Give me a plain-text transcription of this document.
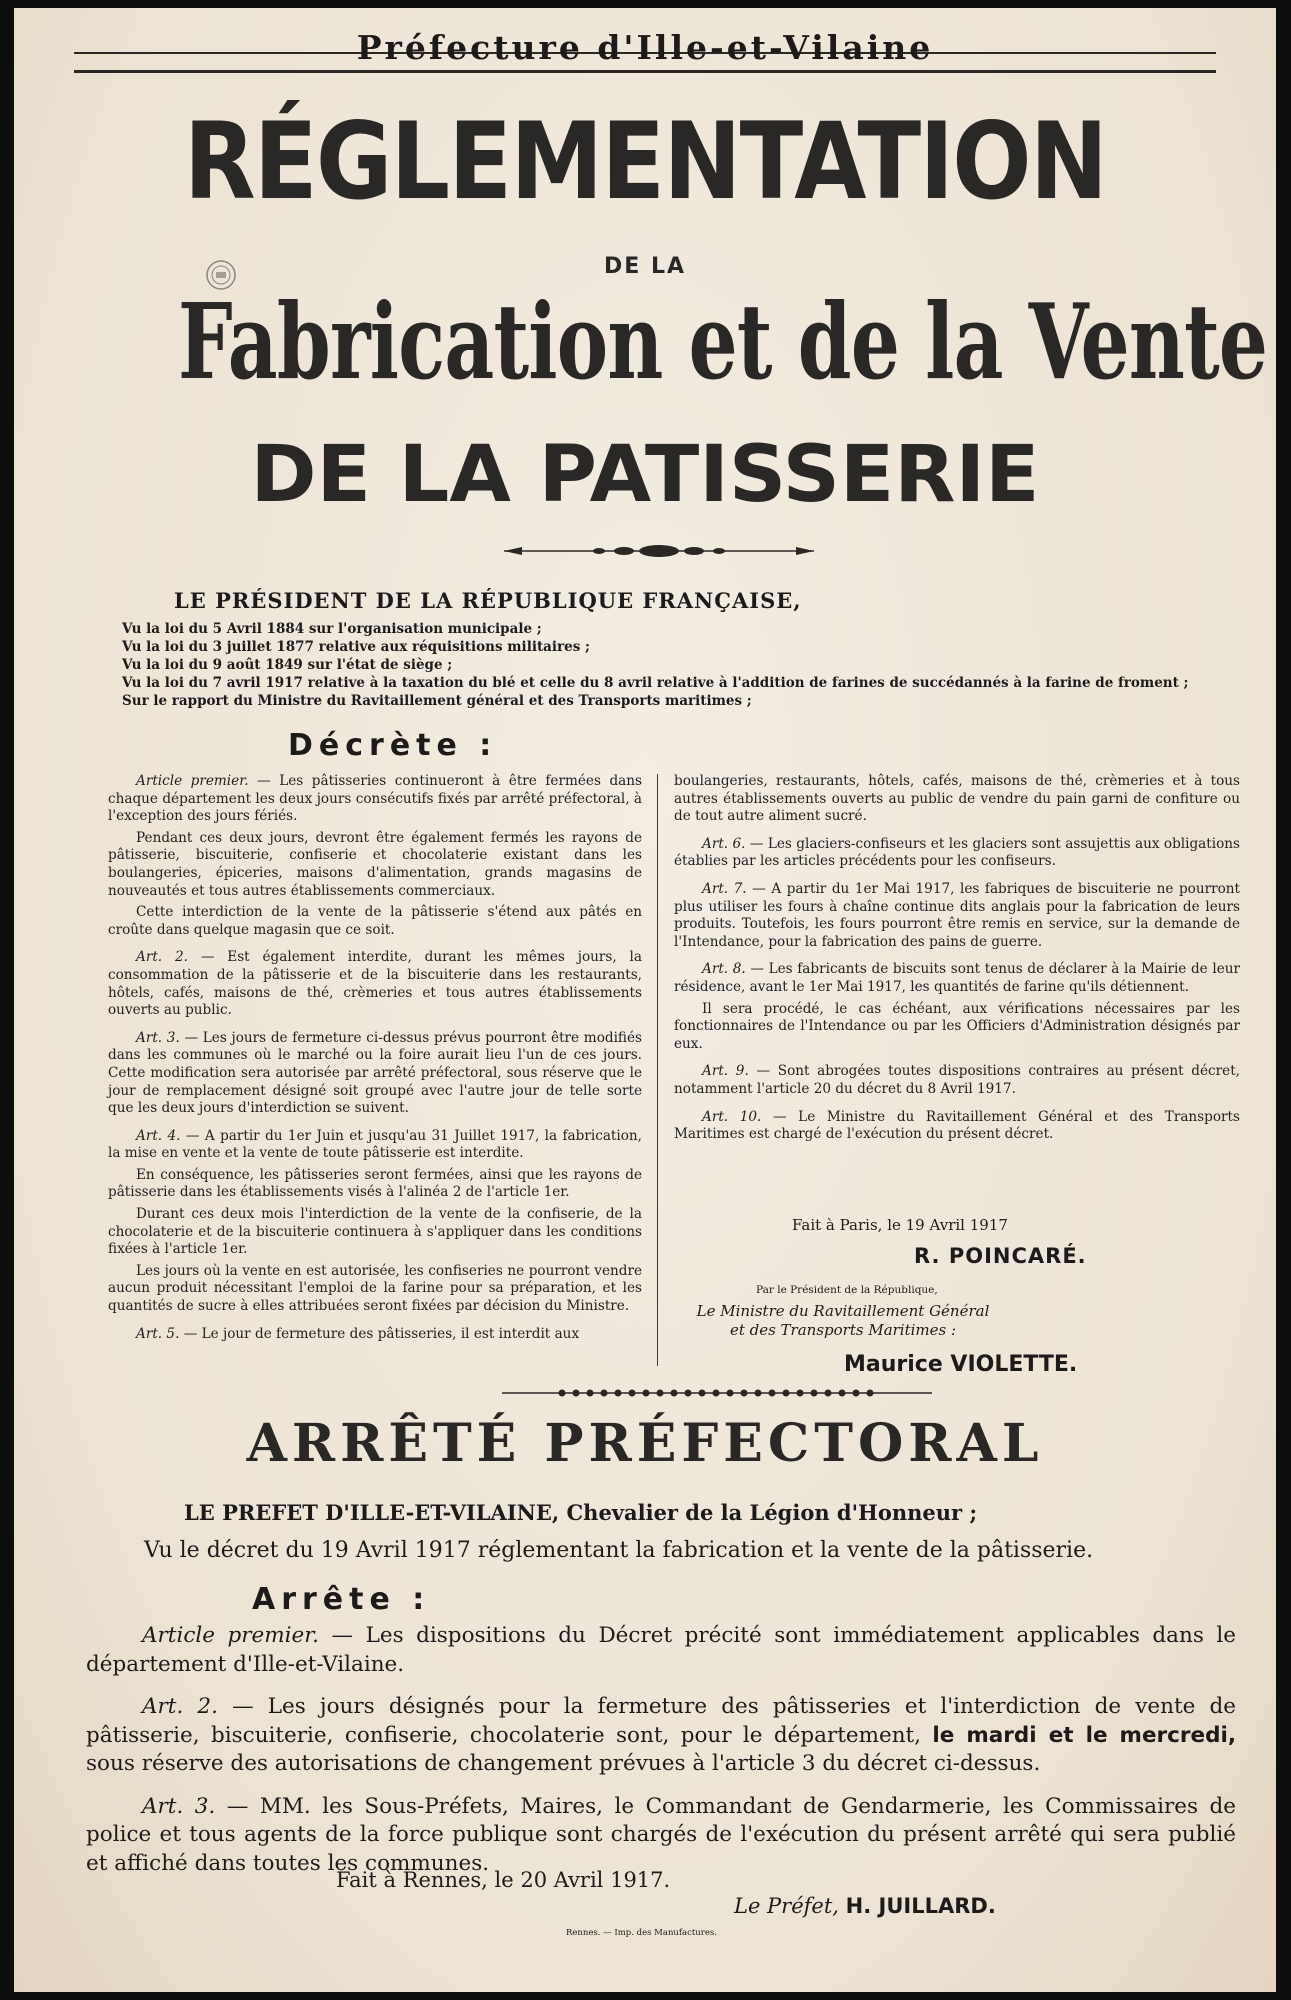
Préfecture d'Ille-et-Vilaine
RÉGLEMENTATION
DE LA
Fabrication et de la Vente
DE LA PATISSERIE
LE PRÉSIDENT DE LA RÉPUBLIQUE FRANÇAISE,
Vu la loi du 5 Avril 1884 sur l'organisation municipale ;
Vu la loi du 3 juillet 1877 relative aux réquisitions militaires ;
Vu la loi du 9 août 1849 sur l'état de siège ;
Vu la loi du 7 avril 1917 relative à la taxation du blé et celle du 8 avril relative à l'addition de farines de succédannés à la farine de froment ;
Sur le rapport du Ministre du Ravitaillement général et des Transports maritimes ;
Décrète :

Article premier. — Les pâtisseries continueront à être fermées dans chaque département les deux jours consécutifs fixés par arrêté préfectoral, à l'exception des jours fériés.

Pendant ces deux jours, devront être également fermés les rayons de pâtisserie, biscuiterie, confiserie et chocolaterie existant dans les boulangeries, épiceries, maisons d'alimentation, grands magasins de nouveautés et tous autres établissements commerciaux.

Cette interdiction de la vente de la pâtisserie s'étend aux pâtés en croûte dans quelque magasin que ce soit.

Art. 2. — Est également interdite, durant les mêmes jours, la consommation de la pâtisserie et de la biscuiterie dans les restaurants, hôtels, cafés, maisons de thé, crèmeries et tous autres établissements ouverts au public.

Art. 3. — Les jours de fermeture ci-dessus prévus pourront être modifiés dans les communes où le marché ou la foire aurait lieu l'un de ces jours. Cette modification sera autorisée par arrêté préfectoral, sous réserve que le jour de remplacement désigné soit groupé avec l'autre jour de telle sorte que les deux jours d'interdiction se suivent.

Art. 4. — A partir du 1er Juin et jusqu'au 31 Juillet 1917, la fabrication, la mise en vente et la vente de toute pâtisserie est interdite.

En conséquence, les pâtisseries seront fermées, ainsi que les rayons de pâtisserie dans les établissements visés à l'alinéa 2 de l'article 1er.

Durant ces deux mois l'interdiction de la vente de la confiserie, de la chocolaterie et de la biscuiterie continuera à s'appliquer dans les conditions fixées à l'article 1er.

Les jours où la vente en est autorisée, les confiseries ne pourront vendre aucun produit nécessitant l'emploi de la farine pour sa préparation, et les quantités de sucre à elles attribuées seront fixées par décision du Ministre.

Art. 5. — Le jour de fermeture des pâtisseries, il est interdit aux

boulangeries, restaurants, hôtels, cafés, maisons de thé, crèmeries et à tous autres établissements ouverts au public de vendre du pain garni de confiture ou de tout autre aliment sucré.

Art. 6. — Les glaciers-confiseurs et les glaciers sont assujettis aux obligations établies par les articles précédents pour les confiseurs.

Art. 7. — A partir du 1er Mai 1917, les fabriques de biscuiterie ne pourront plus utiliser les fours à chaîne continue dits anglais pour la fabrication de leurs produits. Toutefois, les fours pourront être remis en service, sur la demande de l'Intendance, pour la fabrication des pains de guerre.

Art. 8. — Les fabricants de biscuits sont tenus de déclarer à la Mairie de leur résidence, avant le 1er Mai 1917, les quantités de farine qu'ils détiennent.

Il sera procédé, le cas échéant, aux vérifications nécessaires par les fonctionnaires de l'Intendance ou par les Officiers d'Administration désignés par eux.

Art. 9. — Sont abrogées toutes dispositions contraires au présent décret, notamment l'article 20 du décret du 8 Avril 1917.

Art. 10. — Le Ministre du Ravitaillement Général et des Transports Maritimes est chargé de l'exécution du présent décret.

Fait à Paris, le 19 Avril 1917
R. POINCARÉ.
Par le Président de la République,
Le Ministre du Ravitaillement Général
et des Transports Maritimes :
Maurice VIOLETTE.
ARRÊTÉ PRÉFECTORAL
LE PREFET D'ILLE-ET-VILAINE, Chevalier de la Légion d'Honneur ;
Vu le décret du 19 Avril 1917 réglementant la fabrication et la vente de la pâtisserie.
Arrête :

Article premier. — Les dispositions du Décret précité sont immédiatement applicables dans le département d'Ille-et-Vilaine.

Art. 2. — Les jours désignés pour la fermeture des pâtisseries et l'interdiction de vente de pâtisserie, biscuiterie, confiserie, chocolaterie sont, pour le département, le mardi et le mercredi, sous réserve des autorisations de changement prévues à l'article 3 du décret ci-dessus.

Art. 3. — MM. les Sous-Préfets, Maires, le Commandant de Gendarmerie, les Commissaires de police et tous agents de la force publique sont chargés de l'exécution du présent arrêté qui sera publié et affiché dans toutes les communes.

Fait à Rennes, le 20 Avril 1917.
Le Préfet, H. JUILLARD.
Rennes. — Imp. des Manufactures.
